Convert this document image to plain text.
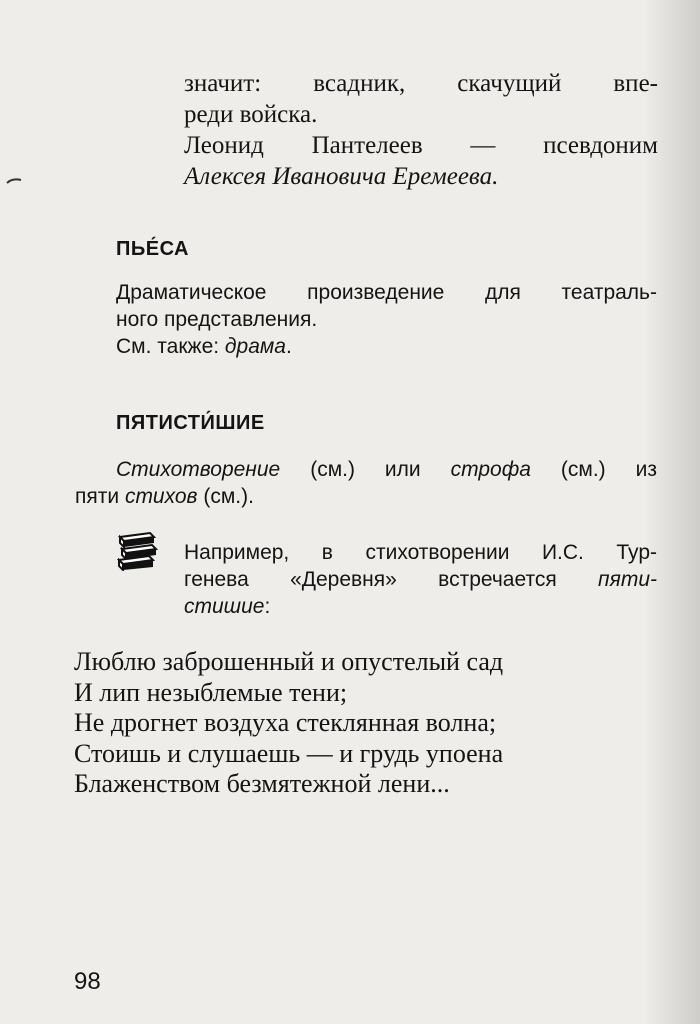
значит: всадник, скачущий впе-
реди войска.
Леонид Пантелеев — псевдоним
Алексея Ивановича Еремеева.
ПЬЕ́СА
Драматическое произведение для театраль-
ного представления.
См. также: драма.
ПЯТИСТИ́ШИЕ
Стихотворение (см.) или строфа (см.) из
пяти стихов (см.).
Например, в стихотворении И.С. Тур-
генева «Деревня» встречается пяти-
стишие:
Люблю заброшенный и опустелый сад
И лип незыблемые тени;
Не дрогнет воздуха стеклянная волна;
Стоишь и слушаешь — и грудь упоена
Блаженством безмятежной лени...
98
